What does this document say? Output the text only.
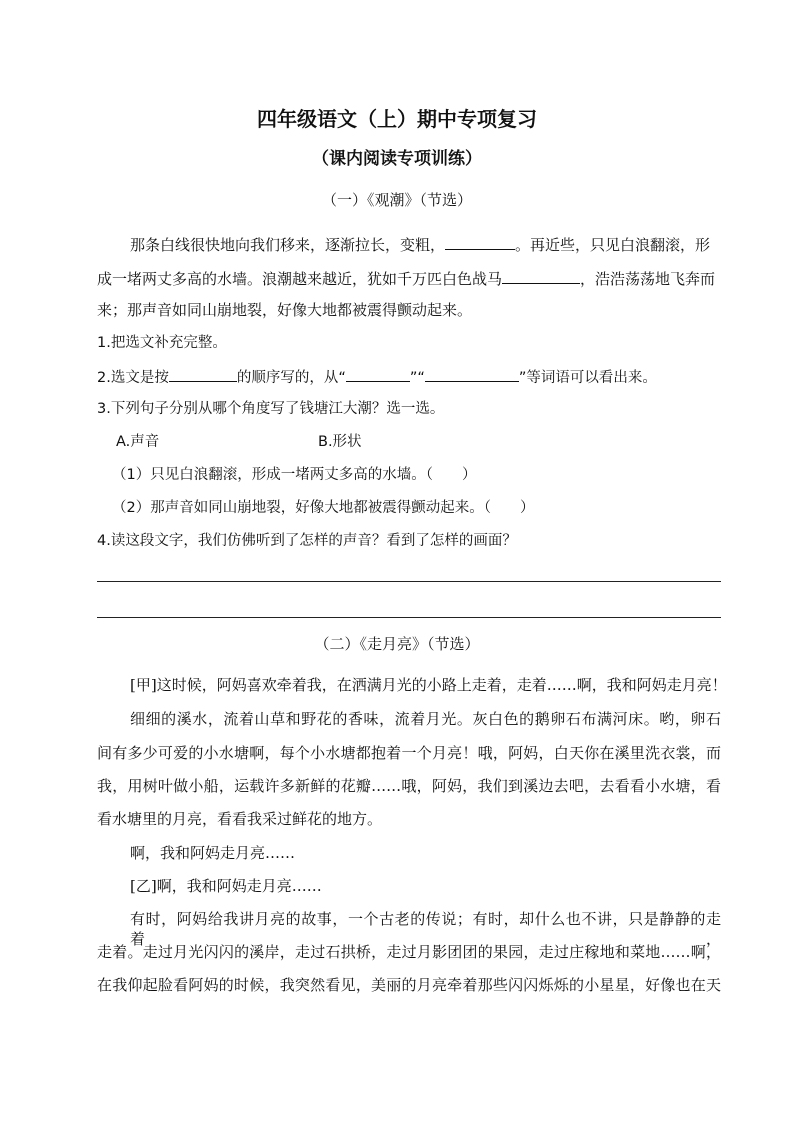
四年级语文（上）期中专项复习
（课内阅读专项训练）
（一）《观潮》（节选）
那条白线很快地向我们移来，逐渐拉长，变粗，	。再近些，只见白浪翻滚，形
成一堵两丈多高的水墙。浪潮越来越近，犹如千万匹白色战马	，浩浩荡荡地飞奔而
来；那声音如同山崩地裂，好像大地都被震得颤动起来。
1.把选文补充完整。
2.选文是按	的顺序写的，从“	”“	”等词语可以看出来。
3.下列句子分别从哪个角度写了钱塘江大潮？选一选。
A.声音	B.形状
（1）只见白浪翻滚，形成一堵两丈多高的水墙。（　　）
（2）那声音如同山崩地裂，好像大地都被震得颤动起来。（　　）
4.读这段文字，我们仿佛听到了怎样的声音？看到了怎样的画面？
（二）《走月亮》（节选）
[甲]这时候，阿妈喜欢牵着我，在洒满月光的小路上走着，走着……啊，我和阿妈走月亮！
细细的溪水，流着山草和野花的香味，流着月光。灰白色的鹅卵石布满河床。哟，卵石
间有多少可爱的小水塘啊，每个小水塘都抱着一个月亮！哦，阿妈，白天你在溪里洗衣裳，而
我，用树叶做小船，运载许多新鲜的花瓣……哦，阿妈，我们到溪边去吧，去看看小水塘，看
看水塘里的月亮，看看我采过鲜花的地方。
啊，我和阿妈走月亮……
[乙]啊，我和阿妈走月亮……
有时，阿妈给我讲月亮的故事，一个古老的传说；有时，却什么也不讲，只是静静的走着，
走着。走过月光闪闪的溪岸，走过石拱桥，走过月影团团的果园，走过庄稼地和菜地……啊，
在我仰起脸看阿妈的时候，我突然看见，美丽的月亮牵着那些闪闪烁烁的小星星，好像也在天
